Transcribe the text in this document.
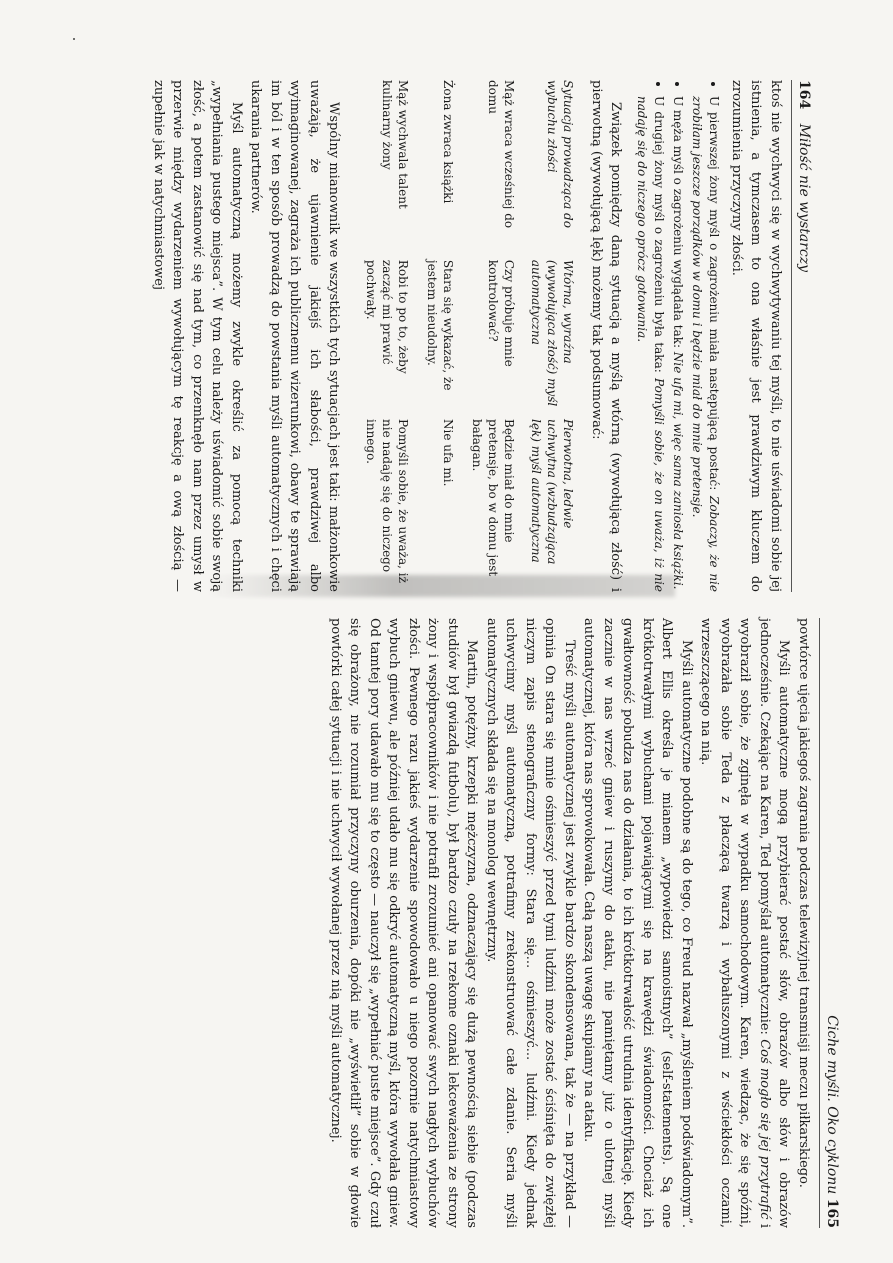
164 Miłość nie wystarczy

ktoś nie wychwyci się w wychwytywaniu tej myśli, to nie uświadomi sobie jej istnienia, a tymczasem to ona właśnie jest prawdziwym kluczem do zrozumienia przyczyny złości.

• U pierwszej żony myśl o zagrożeniu miała następującą postać: Zobaczy, że nie zrobiłam jeszcze porządków w domu i będzie miał do mnie pretensje.
• U męża myśl o zagrożeniu wyglądała tak: Nie ufa mi, więc sama zaniosła książki.
• U drugiej żony myśl o zagrożeniu była taka: Pomyśli sobie, że on uważa, iż nie nadaję się do niczego oprócz gotowania.

Związek pomiędzy daną sytuacją a myślą wtórną (wywołującą złość) i pierwotną (wywołującą lęk) możemy tak podsumować:

Sytuacja prowadząca do wybuchu złości	Wtórna, wyraźna (wywołująca złość) myśl automatyczna	Pierwotna, ledwie uchwytna (wzbudzająca lęk) myśl automatyczna
Mąż wraca wcześniej do domu	Czy próbuje mnie kontrolować?	Będzie miał do mnie pretensje, bo w domu jest bałagan.
Żona zwraca książki	Stara się wykazać, że jestem nieudolny.	Nie ufa mi.
Mąż wychwala talent kulinarny żony	Robi to po to, żeby zacząć mi prawić pochwały.	Pomyśli sobie, że uważa, iż nie nadaję się do niczego innego.

Wspólny mianownik we wszystkich tych sytuacjach jest taki: małżonkowie uważają, że ujawnienie jakiejś ich słabości, prawdziwej albo wyimaginowanej, zagraża ich publicznemu wizerunkowi, obawy te sprawiają im ból i w ten sposób prowadzą do powstania myśli automatycznych i chęci ukarania partnerów.

Myśl automatyczną możemy zwykle określić za pomocą techniki „wypełniania pustego miejsca”. W tym celu należy uświadomić sobie swoją złość, a potem zastanowić się nad tym, co przemknęło nam przez umysł w przerwie między wydarzeniem wywołującym tę reakcję a ową złością — zupełnie jak w natychmiastowej

Ciche myśli. Oko cyklonu 165

powtórce ujęcia jakiegoś zagrania podczas telewizyjnej transmisji meczu piłkarskiego.

Myśli automatyczne mogą przybierać postać słów, obrazów albo słów i obrazów jednocześnie. Czekając na Karen, Ted pomyślał automatycznie: Coś mogło się jej przytrafić i wyobraził sobie, że zginęła w wypadku samochodowym. Karen, wiedząc, że się spóźni, wyobrażała sobie Teda z płaczącą twarzą i wybałuszonymi z wściekłości oczami, wrzeszczącego na nią.

Myśli automatyczne podobne są do tego, co Freud nazwał „myśleniem podświadomym”. Albert Ellis określa je mianem „wypowiedzi samoistnych” (self-statements). Są one krótkotrwałymi wybuchami pojawiającymi się na krawędzi świadomości. Chociaż ich gwałtowność pobudza nas do działania, to ich krótkotrwałość utrudnia identyfikację. Kiedy zacznie w nas wrzeć gniew i ruszymy do ataku, nie pamiętamy już o ulotnej myśli automatycznej, która nas sprowokowała. Całą naszą uwagę skupiamy na ataku.

Treść myśli automatycznej jest zwykle bardzo skondensowana, tak że — na przykład — opinia On stara się mnie ośmieszyć przed tymi ludźmi może zostać ściśnięta do zwięzłej niczym zapis stenograficzny formy: Stara się... ośmieszyć... ludźmi. Kiedy jednak uchwycimy myśl automatyczną, potrafimy zrekonstruować całe zdanie. Seria myśli automatycznych składa się na monolog wewnętrzny.

Martin, potężny, krzepki mężczyzna, odznaczający się dużą pewnością siebie (podczas studiów był gwiazdą futbolu), był bardzo czuły na rzekome oznaki lekceważenia ze strony żony i współpracowników i nie potrafił zrozumieć ani opanować swych nagłych wybuchów złości. Pewnego razu jakieś wydarzenie spowodowało u niego pozornie natychmiastowy wybuch gniewu, ale później udało mu się odkryć automatyczną myśl, która wywołała gniew. Od tamtej pory udawało mu się to często — nauczył się „wypełniać puste miejsce”. Gdy czuł się obrażony, nie rozumiał przyczyny oburzenia, dopóki nie „wyświetlił” sobie w głowie powtórki całej sytuacji i nie uchwycił wywołanej przez nią myśli automatycznej.
